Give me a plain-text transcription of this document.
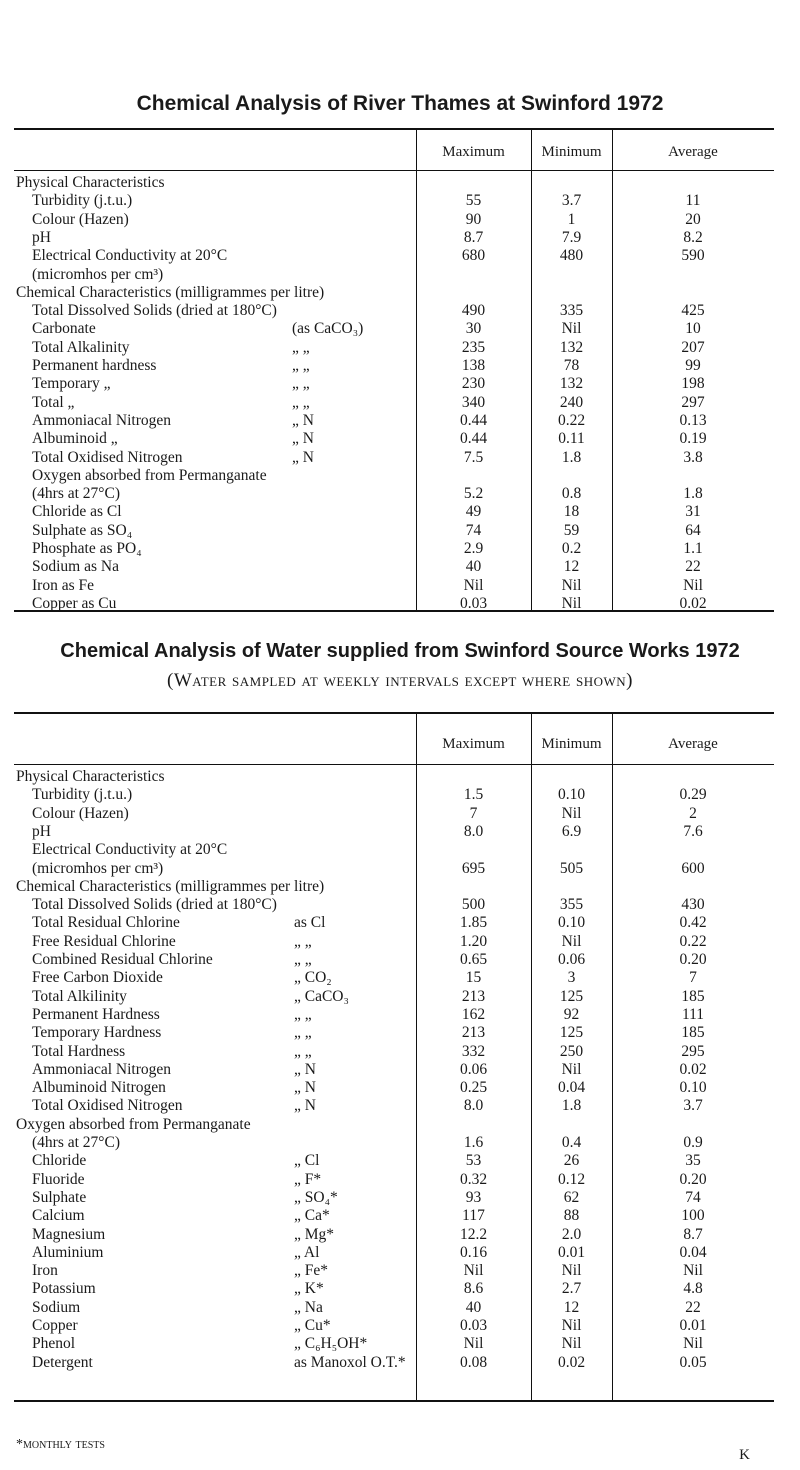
Chemical Analysis of River Thames at Swinford 1972
Maximum	Minimum	Average
Physical Characteristics
Turbidity (j.t.u.)	55	3.7	11
Colour (Hazen)	90	1	20
pH	8.7	7.9	8.2
Electrical Conductivity at 20°C	680	480	590
(micromhos per cm³)
Chemical Characteristics (milligrammes per litre)
Total Dissolved Solids (dried at 180°C)	490	335	425
Carbonate	(as CaCO₃)	30	Nil	10
Total Alkalinity	„ „	235	132	207
Permanent hardness	„ „	138	78	99
Temporary „	„ „	230	132	198
Total „	„ „	340	240	297
Ammoniacal Nitrogen	„ N	0.44	0.22	0.13
Albuminoid „	„ N	0.44	0.11	0.19
Total Oxidised Nitrogen	„ N	7.5	1.8	3.8
Oxygen absorbed from Permanganate
(4hrs at 27°C)	5.2	0.8	1.8
Chloride as Cl	49	18	31
Sulphate as SO₄	74	59	64
Phosphate as PO₄	2.9	0.2	1.1
Sodium as Na	40	12	22
Iron as Fe	Nil	Nil	Nil
Copper as Cu	0.03	Nil	0.02
Chemical Analysis of Water supplied from Swinford Source Works 1972
(Water sampled at weekly intervals except where shown)
Maximum	Minimum	Average
Physical Characteristics
Turbidity (j.t.u.)	1.5	0.10	0.29
Colour (Hazen)	7	Nil	2
pH	8.0	6.9	7.6
Electrical Conductivity at 20°C
(micromhos per cm³)	695	505	600
Chemical Characteristics (milligrammes per litre)
Total Dissolved Solids (dried at 180°C)	500	355	430
Total Residual Chlorine	as Cl	1.85	0.10	0.42
Free Residual Chlorine	„ „	1.20	Nil	0.22
Combined Residual Chlorine	„ „	0.65	0.06	0.20
Free Carbon Dioxide	„ CO₂	15	3	7
Total Alkilinity	„ CaCO₃	213	125	185
Permanent Hardness	„ „	162	92	111
Temporary Hardness	„ „	213	125	185
Total Hardness	„ „	332	250	295
Ammoniacal Nitrogen	„ N	0.06	Nil	0.02
Albuminoid Nitrogen	„ N	0.25	0.04	0.10
Total Oxidised Nitrogen	„ N	8.0	1.8	3.7
Oxygen absorbed from Permanganate
(4hrs at 27°C)	1.6	0.4	0.9
Chloride	„ Cl	53	26	35
Fluoride	„ F*	0.32	0.12	0.20
Sulphate	„ SO₄*	93	62	74
Calcium	„ Ca*	117	88	100
Magnesium	„ Mg*	12.2	2.0	8.7
Aluminium	„ Al	0.16	0.01	0.04
Iron	„ Fe*	Nil	Nil	Nil
Potassium	„ K*	8.6	2.7	4.8
Sodium	„ Na	40	12	22
Copper	„ Cu*	0.03	Nil	0.01
Phenol	„ C₆H₅OH*	Nil	Nil	Nil
Detergent	as Manoxol O.T.*	0.08	0.02	0.05
*monthly tests
K
